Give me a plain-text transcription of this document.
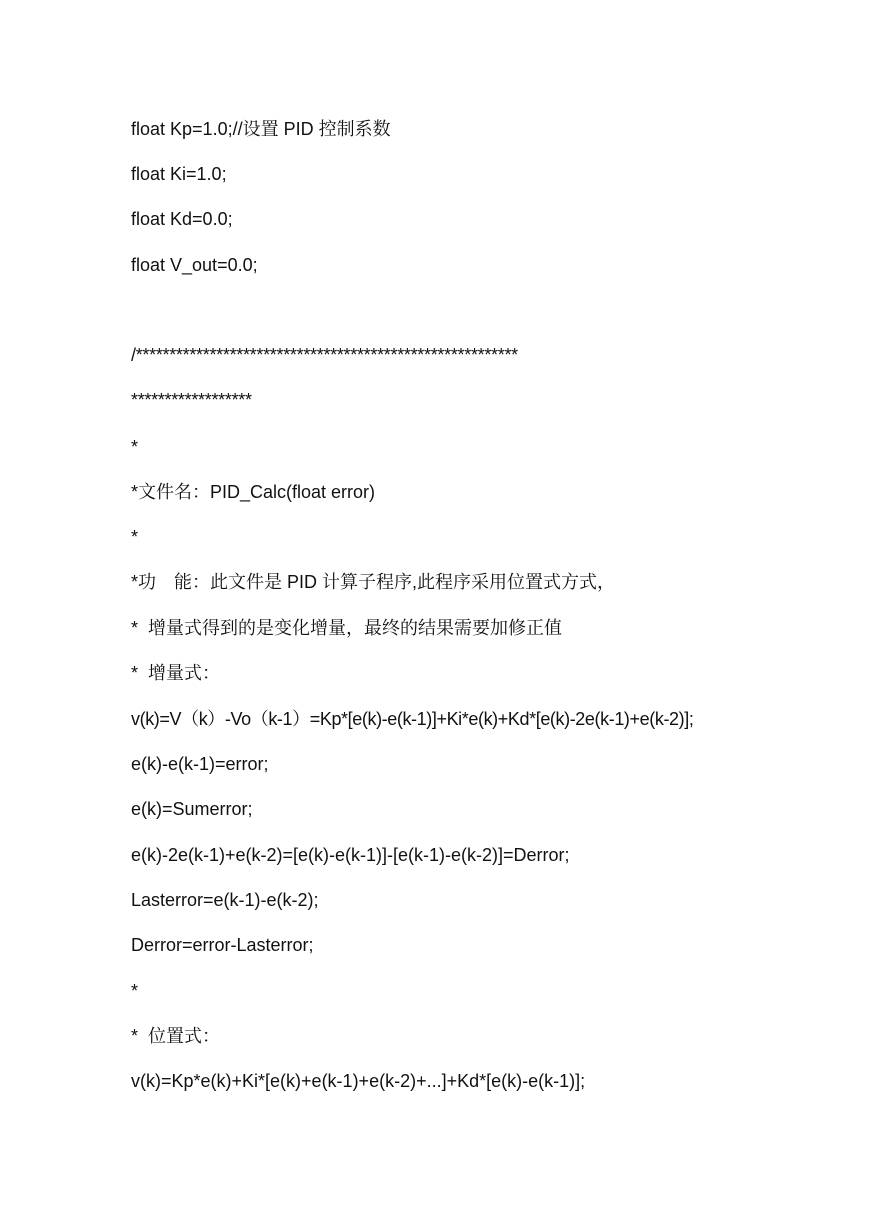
float Kp=1.0;//设置 PID 控制系数

float Ki=1.0;

float Kd=0.0;

float V_out=0.0;

/*********************************************************

******************

*

*文件名：PID_Calc(float error)

*

*功　能：此文件是 PID 计算子程序,此程序采用位置式方式，

*  增量式得到的是变化增量，最终的结果需要加修正值

*  增量式：

v(k)=V（k）-Vo（k-1）=Kp*[e(k)-e(k-1)]+Ki*e(k)+Kd*[e(k)-2e(k-1)+e(k-2)];

e(k)-e(k-1)=error;

e(k)=Sumerror;

e(k)-2e(k-1)+e(k-2)=[e(k)-e(k-1)]-[e(k-1)-e(k-2)]=Derror;

Lasterror=e(k-1)-e(k-2);

Derror=error-Lasterror;

*

*  位置式：

v(k)=Kp*e(k)+Ki*[e(k)+e(k-1)+e(k-2)+...]+Kd*[e(k)-e(k-1)];
